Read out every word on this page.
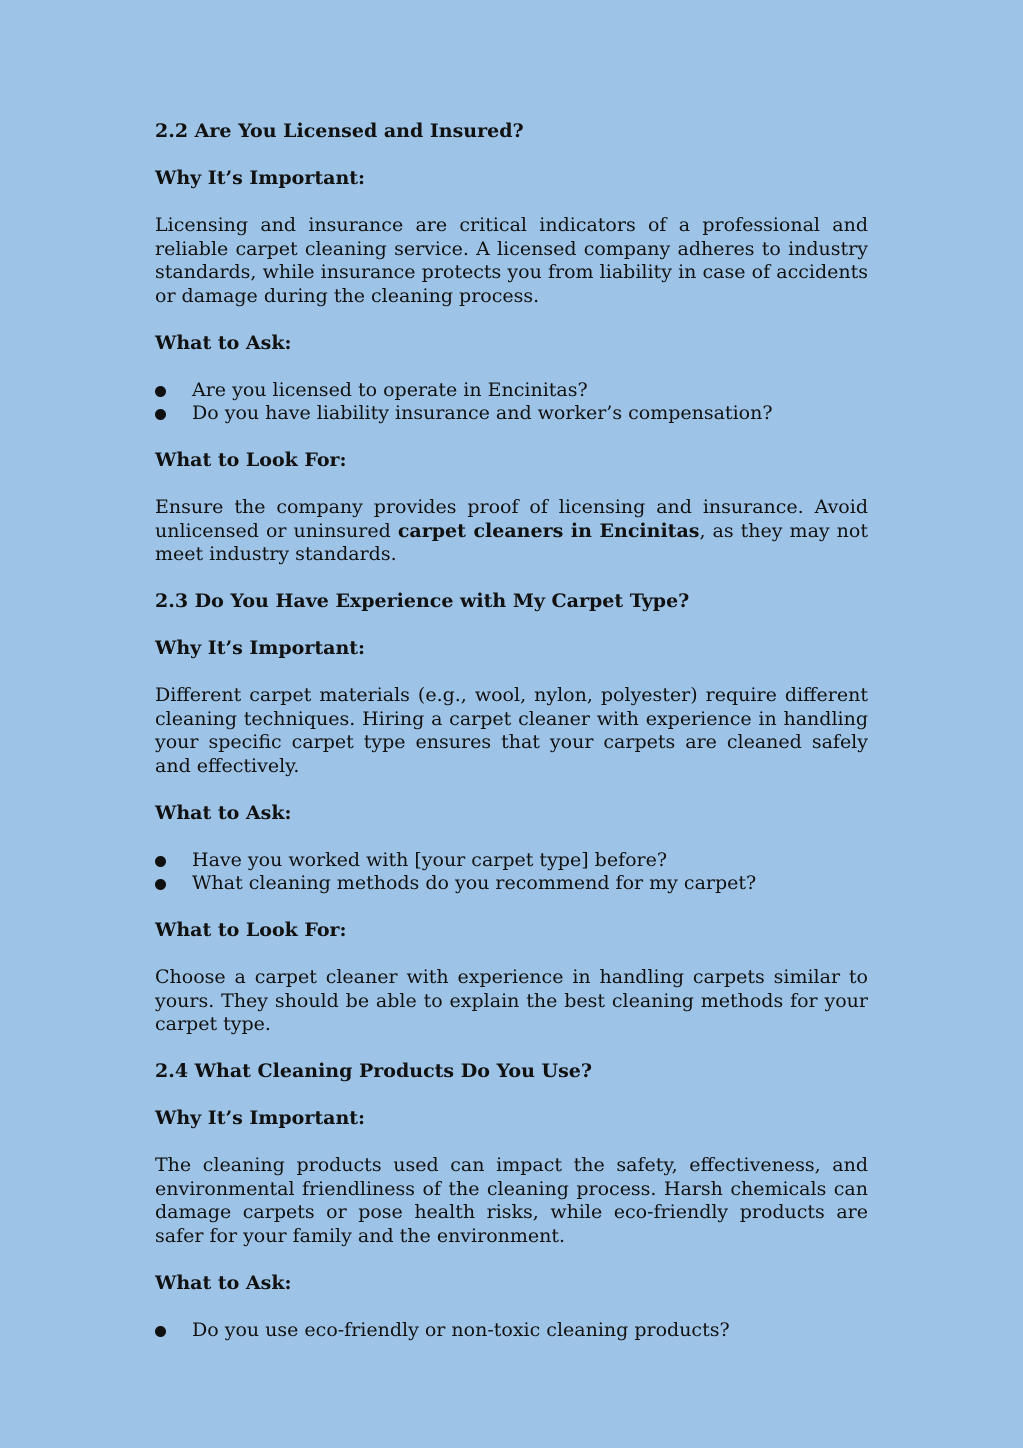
2.2 Are You Licensed and Insured?
Why It’s Important:

Licensing and insurance are critical indicators of a professional and reliable carpet cleaning service. A licensed company adheres to industry standards, while insurance protects you from liability in case of accidents or damage during the cleaning process.

What to Ask:
Are you licensed to operate in Encinitas?
Do you have liability insurance and worker’s compensation?
What to Look For:

Ensure the company provides proof of licensing and insurance. Avoid unlicensed or uninsured carpet cleaners in Encinitas, as they may not meet industry standards.

2.3 Do You Have Experience with My Carpet Type?
Why It’s Important:

Different carpet materials (e.g., wool, nylon, polyester) require different cleaning techniques. Hiring a carpet cleaner with experience in handling your specific carpet type ensures that your carpets are cleaned safely and effectively.

What to Ask:
Have you worked with [your carpet type] before?
What cleaning methods do you recommend for my carpet?
What to Look For:

Choose a carpet cleaner with experience in handling carpets similar to yours. They should be able to explain the best cleaning methods for your carpet type.

2.4 What Cleaning Products Do You Use?
Why It’s Important:

The cleaning products used can impact the safety, effectiveness, and environmental friendliness of the cleaning process. Harsh chemicals can damage carpets or pose health risks, while eco-friendly products are safer for your family and the environment.

What to Ask:
Do you use eco-friendly or non-toxic cleaning products?
